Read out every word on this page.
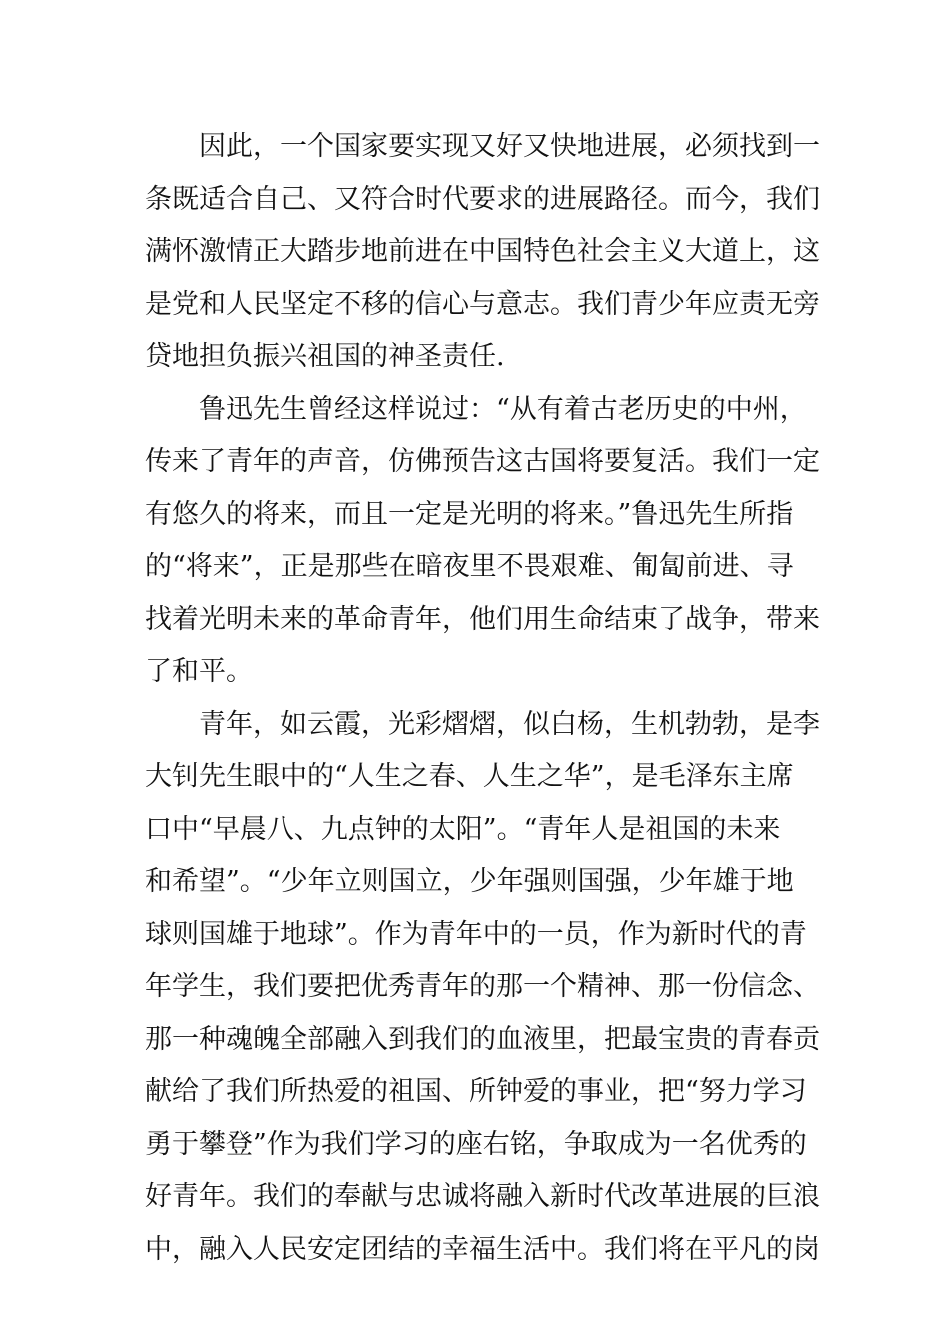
因此，一个国家要实现又好又快地进展，必须找到一
条既适合自己、又符合时代要求的进展路径。而今，我们
满怀激情正大踏步地前进在中国特色社会主义大道上，这
是党和人民坚定不移的信心与意志。我们青少年应责无旁
贷地担负振兴祖国的神圣责任.

鲁迅先生曾经这样说过：“从有着古老历史的中州，
传来了青年的声音，仿佛预告这古国将要复活。我们一定
有悠久的将来，而且一定是光明的将来。”鲁迅先生所指
的“将来”，正是那些在暗夜里不畏艰难、匍匐前进、寻
找着光明未来的革命青年，他们用生命结束了战争，带来
了和平。

青年，如云霞，光彩熠熠，似白杨，生机勃勃，是李
大钊先生眼中的“人生之春、人生之华”，是毛泽东主席
口中“早晨八、九点钟的太阳”。“青年人是祖国的未来
和希望”。“少年立则国立，少年强则国强，少年雄于地
球则国雄于地球”。作为青年中的一员，作为新时代的青
年学生，我们要把优秀青年的那一个精神、那一份信念、
那一种魂魄全部融入到我们的血液里，把最宝贵的青春贡
献给了我们所热爱的祖国、所钟爱的事业，把“努力学习
勇于攀登”作为我们学习的座右铭，争取成为一名优秀的
好青年。我们的奉献与忠诚将融入新时代改革进展的巨浪
中，融入人民安定团结的幸福生活中。我们将在平凡的岗
